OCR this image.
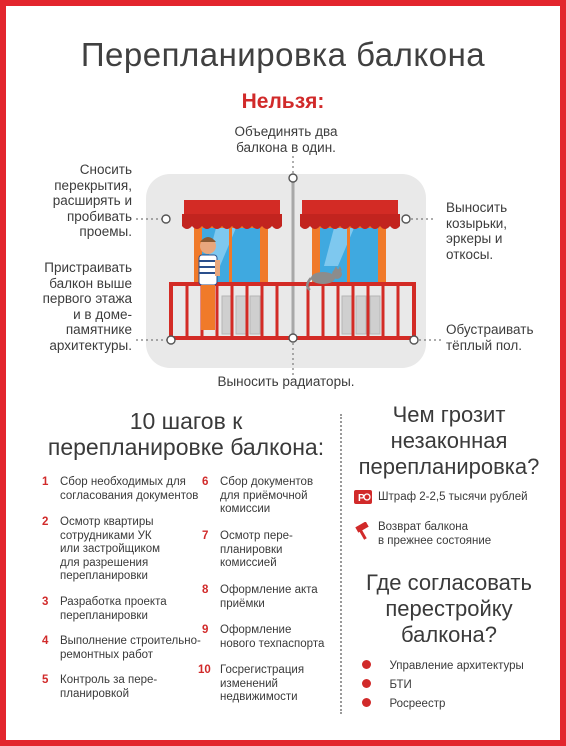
Перепланировка балкона
Нельзя:
Объединять два
балкона в один.
Сносить
перекрытия,
расширять и
пробивать
проемы.
Пристраивать
балкон выше
первого этажа
и в доме-
памятнике
архитектуры.
Выносить
козырьки,
эркеры и
откосы.
Обустраивать
тёплый пол.
Выносить радиаторы.
10 шагов к
перепланировке балкона:
1 Сбор необходимых для
согласования документов
2 Осмотр квартиры
сотрудниками УК
или застройщиком
для разрешения
перепланировки
3 Разработка проекта
перепланировки
4 Выполнение строительно-
ремонтных работ
5 Контроль за пере-
планировкой
6 Сбор документов
для приёмочной
комиссии
7 Осмотр пере-
планировки
комиссией
8 Оформление акта
приёмки
9 Оформление
нового техпаспорта
10 Госрегистрация
изменений
недвижимости
Чем грозит
незаконная
перепланировка?
P Штраф 2-2,5 тысячи рублей
Возврат балкона
в прежнее состояние
Где согласовать
перестройку
балкона?
Управление архитектуры
БТИ
Росреестр
